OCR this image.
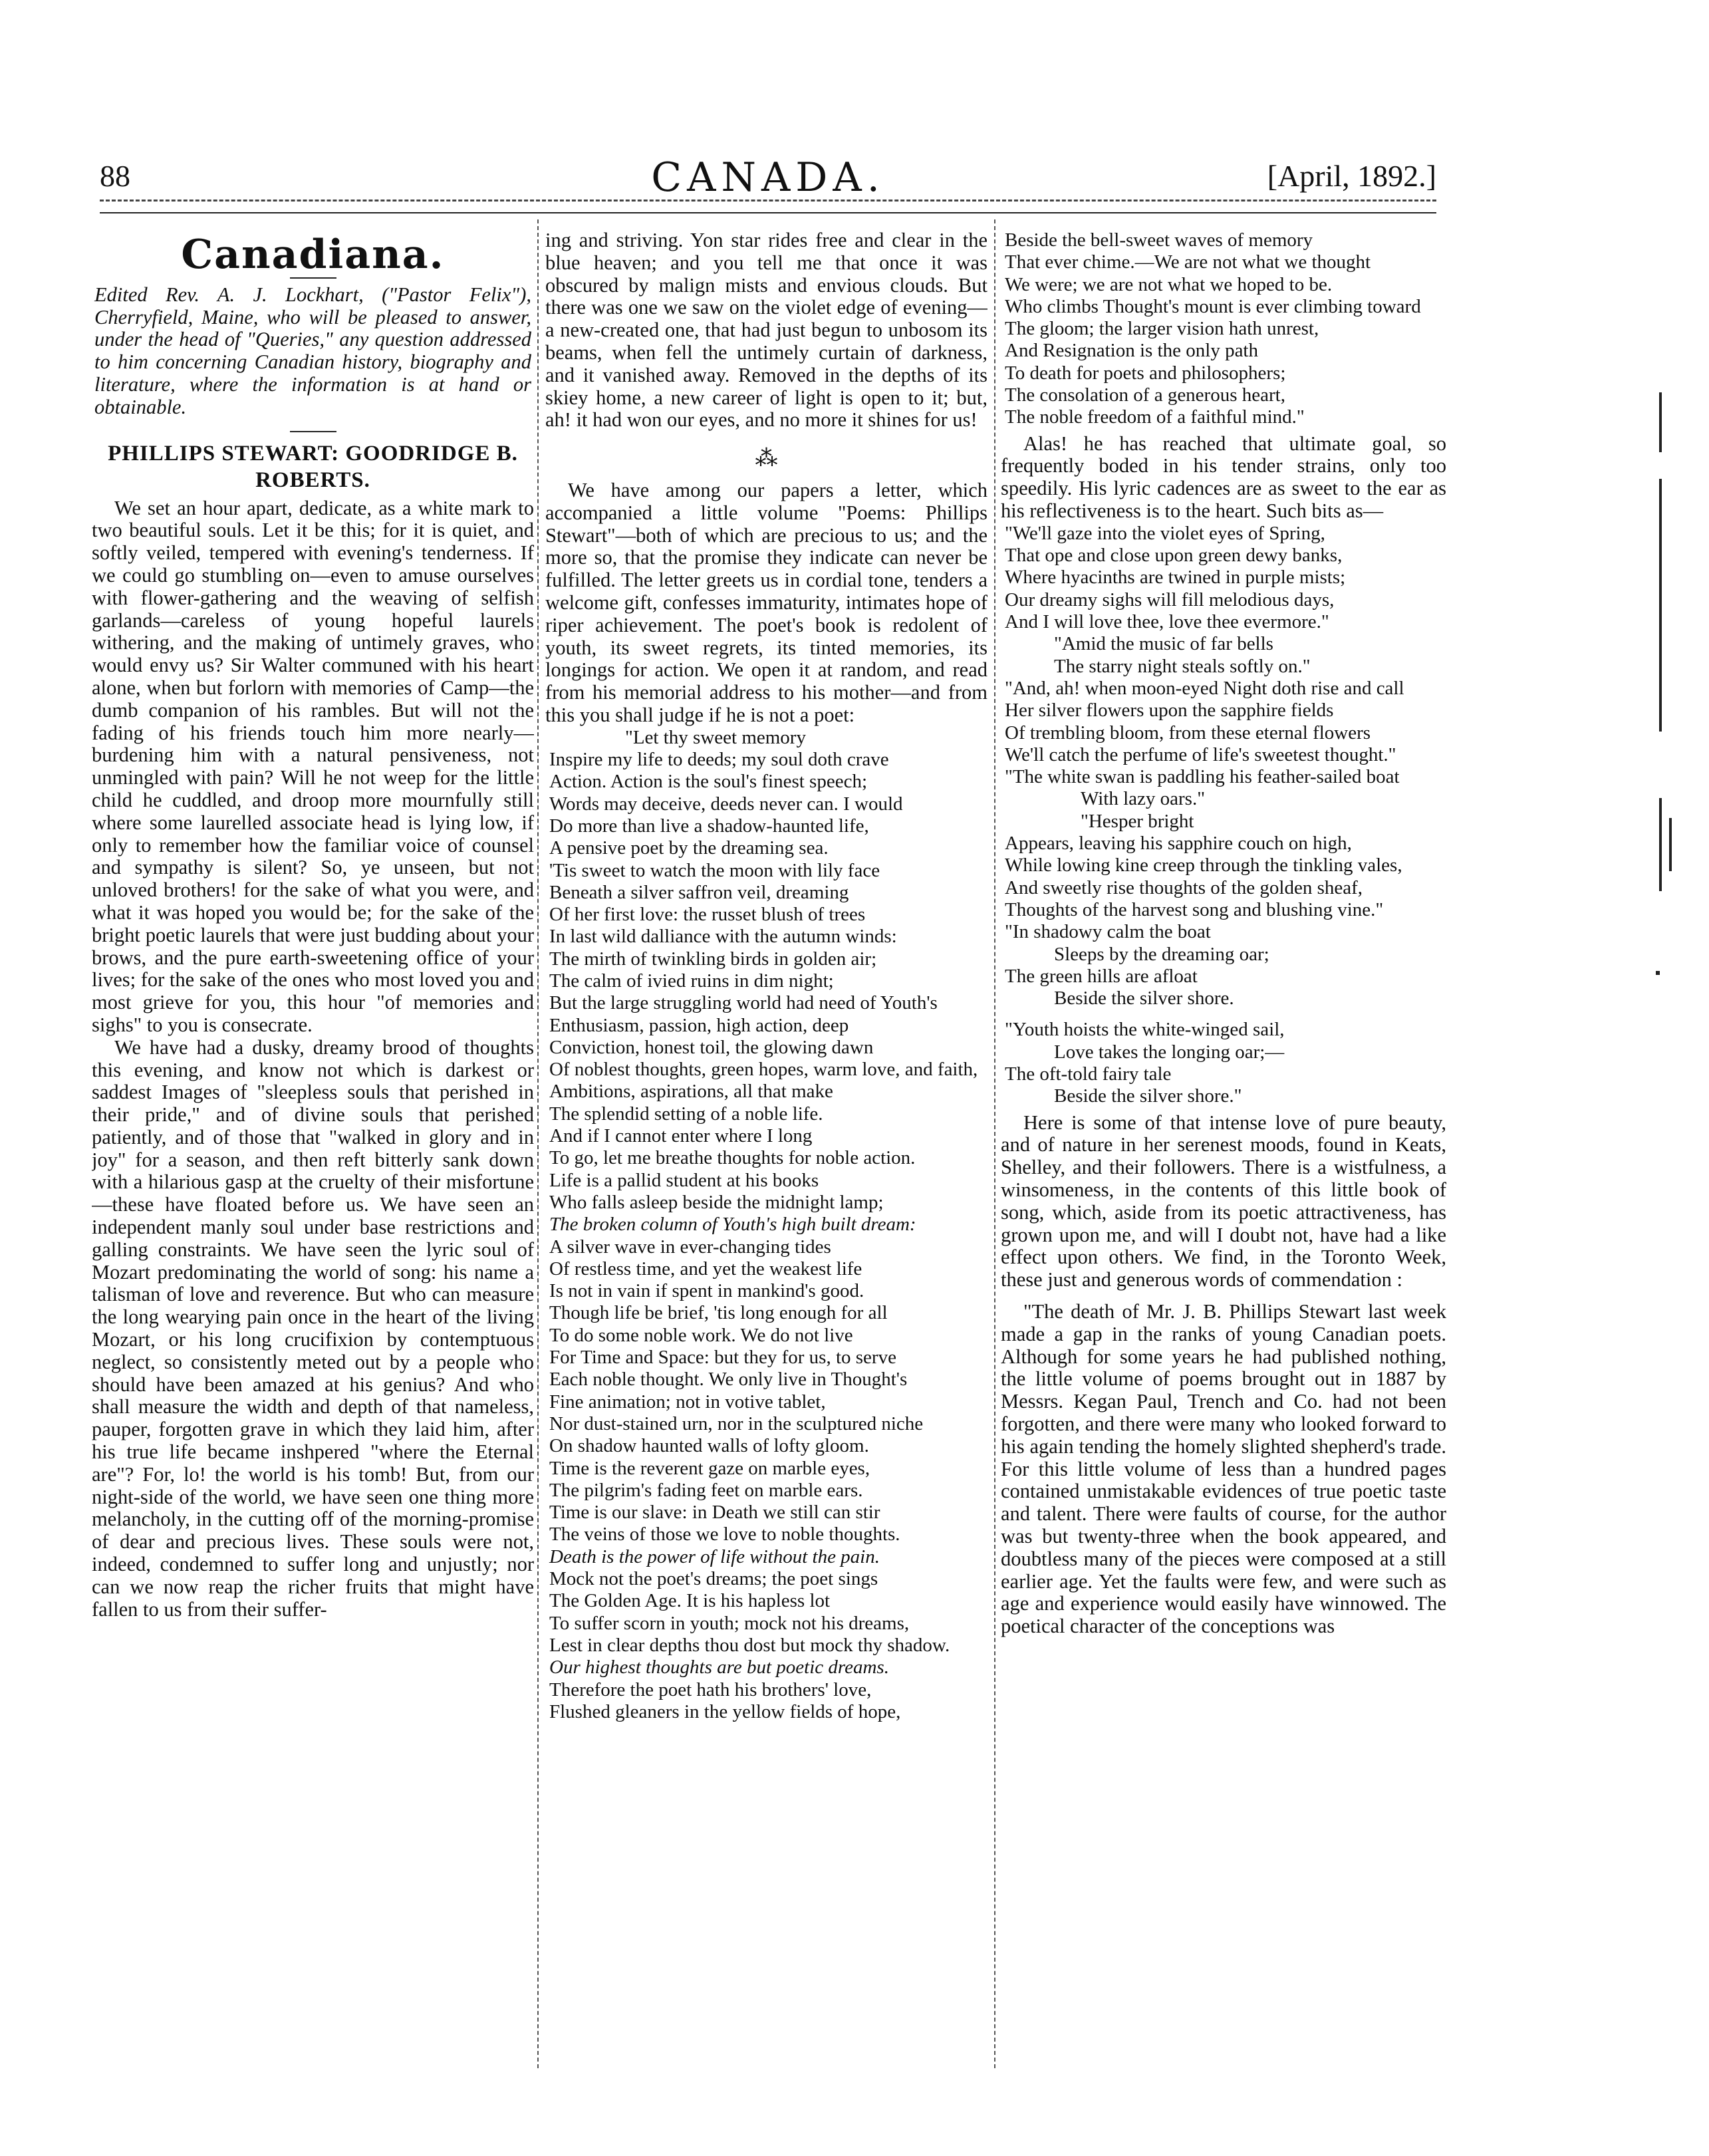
88	CANADA.	[April, 1892.]
Canadiana.

Edited Rev. A. J. Lockhart, ("Pastor Felix"), Cherryfield, Maine, who will be pleased to answer, under the head of "Queries," any question addressed to him concerning Canadian history, biography and literature, where the information is at hand or obtainable.

PHILLIPS STEWART: GOODRIDGE B. ROBERTS.

We set an hour apart, dedicate, as a white mark to two beautiful souls. Let it be this; for it is quiet, and softly veiled, tempered with evening's tenderness. If we could go stumbling on—even to amuse ourselves with flower-gathering and the weaving of selfish garlands—careless of young hopeful laurels withering, and the making of untimely graves, who would envy us? Sir Walter communed with his heart alone, when but forlorn with memories of Camp—the dumb companion of his rambles. But will not the fading of his friends touch him more nearly—burdening him with a natural pensiveness, not unmingled with pain? Will he not weep for the little child he cuddled, and droop more mournfully still where some laurelled associate head is lying low, if only to remember how the familiar voice of counsel and sympathy is silent? So, ye unseen, but not unloved brothers! for the sake of what you were, and what it was hoped you would be; for the sake of the bright poetic laurels that were just budding about your brows, and the pure earth-sweetening office of your lives; for the sake of the ones who most loved you and most grieve for you, this hour "of memories and sighs" to you is consecrate.

We have had a dusky, dreamy brood of thoughts this evening, and know not which is darkest or saddest Images of "sleepless souls that perished in their pride," and of divine souls that perished patiently, and of those that "walked in glory and in joy" for a season, and then reft bitterly sank down with a hilarious gasp at the cruelty of their misfortune—these have floated before us. We have seen an independent manly soul under base restrictions and galling constraints. We have seen the lyric soul of Mozart predominating the world of song: his name a talisman of love and reverence. But who can measure the long wearying pain once in the heart of the living Mozart, or his long crucifixion by contemptuous neglect, so consistently meted out by a people who should have been amazed at his genius? And who shall measure the width and depth of that nameless, pauper, forgotten grave in which they laid him, after his true life became inshpered "where the Eternal are"? For, lo! the world is his tomb! But, from our night-side of the world, we have seen one thing more melancholy, in the cutting off of the morning-promise of dear and precious lives. These souls were not, indeed, condemned to suffer long and unjustly; nor can we now reap the richer fruits that might have fallen to us from their suffer-

ing and striving. Yon star rides free and clear in the blue heaven; and you tell me that once it was obscured by malign mists and envious clouds. But there was one we saw on the violet edge of evening—a new-created one, that had just begun to unbosom its beams, when fell the untimely curtain of darkness, and it vanished away. Removed in the depths of its skiey home, a new career of light is open to it; but, ah! it had won our eyes, and no more it shines for us!

⁂

We have among our papers a letter, which accompanied a little volume "Poems: Phillips Stewart"—both of which are precious to us; and the more so, that the promise they indicate can never be fulfilled. The letter greets us in cordial tone, tenders a welcome gift, confesses immaturity, intimates hope of riper achievement. The poet's book is redolent of youth, its sweet regrets, its tinted memories, its longings for action. We open it at random, and read from his memorial address to his mother—and from this you shall judge if he is not a poet:

"Let thy sweet memory
Inspire my life to deeds; my soul doth crave
Action. Action is the soul's finest speech;
Words may deceive, deeds never can. I would
Do more than live a shadow-haunted life,
A pensive poet by the dreaming sea.
'Tis sweet to watch the moon with lily face
Beneath a silver saffron veil, dreaming
Of her first love: the russet blush of trees
In last wild dalliance with the autumn winds:
The mirth of twinkling birds in golden air;
The calm of ivied ruins in dim night;
But the large struggling world had need of Youth's
Enthusiasm, passion, high action, deep
Conviction, honest toil, the glowing dawn
Of noblest thoughts, green hopes, warm love, and faith,
Ambitions, aspirations, all that make
The splendid setting of a noble life.
And if I cannot enter where I long
To go, let me breathe thoughts for noble action.
Life is a pallid student at his books
Who falls asleep beside the midnight lamp;
The broken column of Youth's high built dream:
A silver wave in ever-changing tides
Of restless time, and yet the weakest life
Is not in vain if spent in mankind's good.
Though life be brief, 'tis long enough for all
To do some noble work. We do not live
For Time and Space: but they for us, to serve
Each noble thought. We only live in Thought's
Fine animation; not in votive tablet,
Nor dust-stained urn, nor in the sculptured niche
On shadow haunted walls of lofty gloom.
Time is the reverent gaze on marble eyes,
The pilgrim's fading feet on marble ears.
Time is our slave: in Death we still can stir
The veins of those we love to noble thoughts.
Death is the power of life without the pain.
Mock not the poet's dreams; the poet sings
The Golden Age. It is his hapless lot
To suffer scorn in youth; mock not his dreams,
Lest in clear depths thou dost but mock thy shadow.
Our highest thoughts are but poetic dreams.
Therefore the poet hath his brothers' love,
Flushed gleaners in the yellow fields of hope,
Beside the bell-sweet waves of memory
That ever chime.—We are not what we thought
We were; we are not what we hoped to be.
Who climbs Thought's mount is ever climbing toward
The gloom; the larger vision hath unrest,
And Resignation is the only path
To death for poets and philosophers;
The consolation of a generous heart,
The noble freedom of a faithful mind."

Alas! he has reached that ultimate goal, so frequently boded in his tender strains, only too speedily. His lyric cadences are as sweet to the ear as his reflectiveness is to the heart. Such bits as—

"We'll gaze into the violet eyes of Spring,
That ope and close upon green dewy banks,
Where hyacinths are twined in purple mists;
Our dreamy sighs will fill melodious days,
And I will love thee, love thee evermore."
"Amid the music of far bells
The starry night steals softly on."
"And, ah! when moon-eyed Night doth rise and call
Her silver flowers upon the sapphire fields
Of trembling bloom, from these eternal flowers
We'll catch the perfume of life's sweetest thought."
"The white swan is paddling his feather-sailed boat
With lazy oars."
"Hesper bright
Appears, leaving his sapphire couch on high,
While lowing kine creep through the tinkling vales,
And sweetly rise thoughts of the golden sheaf,
Thoughts of the harvest song and blushing vine."
"In shadowy calm the boat
Sleeps by the dreaming oar;
The green hills are afloat
Beside the silver shore.
"Youth hoists the white-winged sail,
Love takes the longing oar;—
The oft-told fairy tale
Beside the silver shore."

Here is some of that intense love of pure beauty, and of nature in her serenest moods, found in Keats, Shelley, and their followers. There is a wistfulness, a winsomeness, in the contents of this little book of song, which, aside from its poetic attractiveness, has grown upon me, and will I doubt not, have had a like effect upon others. We find, in the Toronto Week, these just and generous words of commendation :

"The death of Mr. J. B. Phillips Stewart last week made a gap in the ranks of young Canadian poets. Although for some years he had published nothing, the little volume of poems brought out in 1887 by Messrs. Kegan Paul, Trench and Co. had not been forgotten, and there were many who looked forward to his again tending the homely slighted shepherd's trade. For this little volume of less than a hundred pages contained unmistakable evidences of true poetic taste and talent. There were faults of course, for the author was but twenty-three when the book appeared, and doubtless many of the pieces were composed at a still earlier age. Yet the faults were few, and were such as age and experience would easily have winnowed. The poetical character of the conceptions was
